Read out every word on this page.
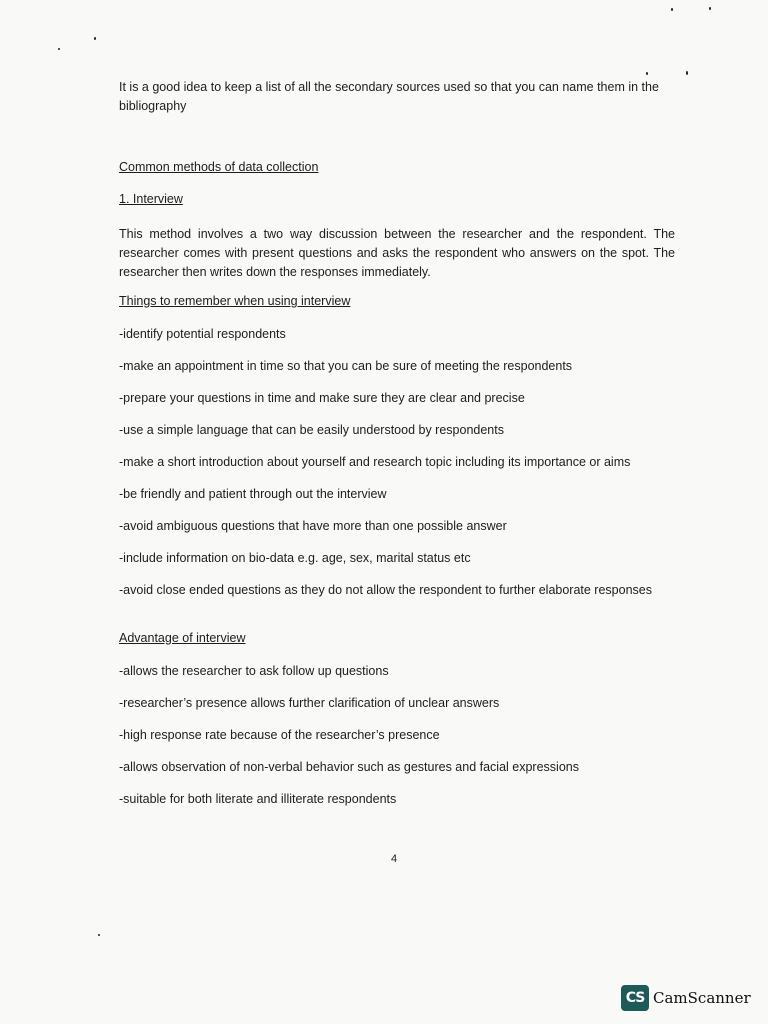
It is a good idea to keep a list of all the secondary sources used so that you can name them in the bibliography

Common methods of data collection
1. Interview

This method involves a two way discussion between the researcher and the respondent. The researcher comes with present questions and asks the respondent who answers on the spot. The researcher then writes down the responses immediately.

Things to remember when using interview
-identify potential respondents
-make an appointment in time so that you can be sure of meeting the respondents
-prepare your questions in time and make sure they are clear and precise
-use a simple language that can be easily understood by respondents
-make a short introduction about yourself and research topic including its importance or aims
-be friendly and patient through out the interview
-avoid ambiguous questions that have more than one possible answer
-include information on bio-data e.g. age, sex, marital status etc
-avoid close ended questions as they do not allow the respondent to further elaborate responses
Advantage of interview
-allows the researcher to ask follow up questions
-researcher’s presence allows further clarification of unclear answers
-high response rate because of the researcher’s presence
-allows observation of non-verbal behavior such as gestures and facial expressions
-suitable for both literate and illiterate respondents
4
CS CamScanner
